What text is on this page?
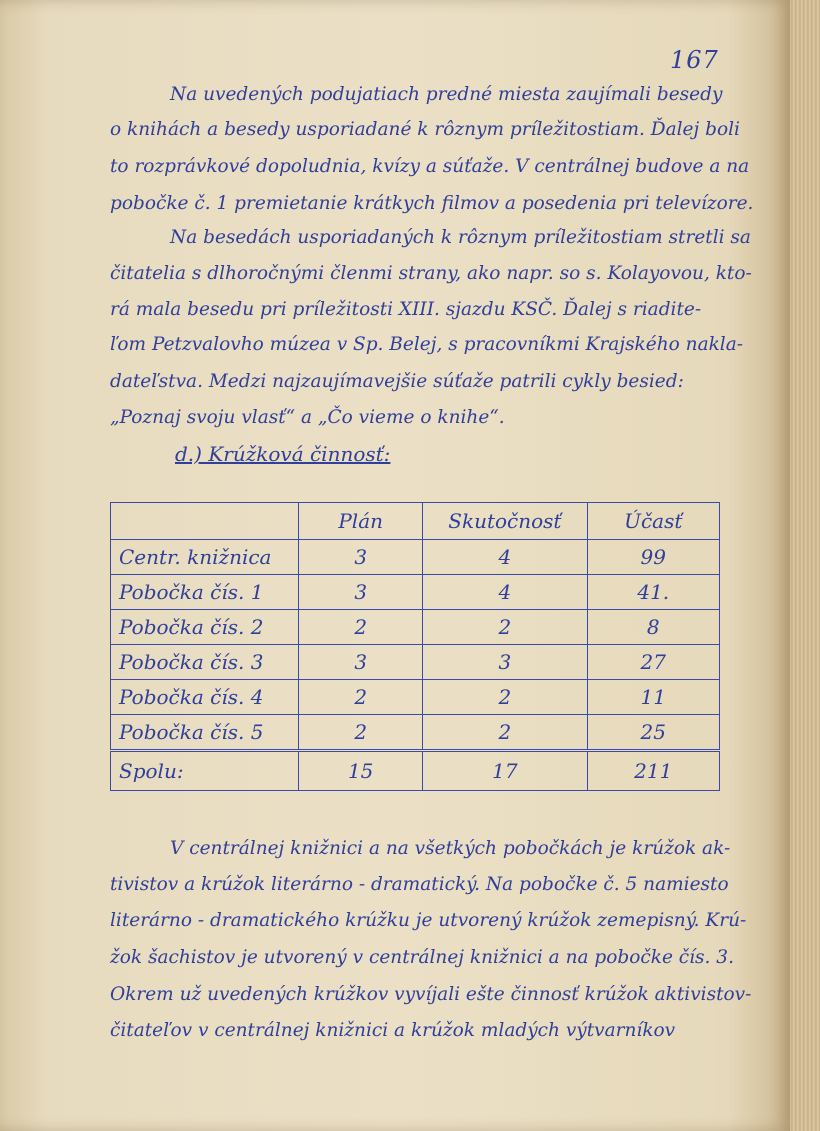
167
Na uvedených podujatiach predné miesta zaujímali besedy
o knihách a besedy usporiadané k rôznym príležitostiam. Ďalej boli
to rozprávkové dopoludnia, kvízy a súťaže. V centrálnej budove a na
pobočke č. 1 premietanie krátkych filmov a posedenia pri televízore.
Na besedách usporiadaných k rôznym príležitostiam stretli sa
čitatelia s dlhoročnými členmi strany, ako napr. so s. Kolayovou, kto-
rá mala besedu pri príležitosti XIII. sjazdu KSČ. Ďalej s riadite-
ľom Petzvalovho múzea v Sp. Belej, s pracovníkmi Krajského nakla-
dateľstva. Medzi najzaujímavejšie súťaže patrili cykly besied:
„Poznaj svoju vlasť“ a „Čo vieme o knihe“.
d.) Krúžková činnosť:
	Plán	Skutočnosť	Účasť
Centr. knižnica	3	4	99
Pobočka čís. 1	3	4	41.
Pobočka čís. 2	2	2	8
Pobočka čís. 3	3	3	27
Pobočka čís. 4	2	2	11
Pobočka čís. 5	2	2	25
Spolu:	15	17	211
V centrálnej knižnici a na všetkých pobočkách je krúžok ak-
tivistov a krúžok literárno - dramatický. Na pobočke č. 5 namiesto
literárno - dramatického krúžku je utvorený krúžok zemepisný. Krú-
žok šachistov je utvorený v centrálnej knižnici a na pobočke čís. 3.
Okrem už uvedených krúžkov vyvíjali ešte činnosť krúžok aktivistov-
čitateľov v centrálnej knižnici a krúžok mladých výtvarníkov
